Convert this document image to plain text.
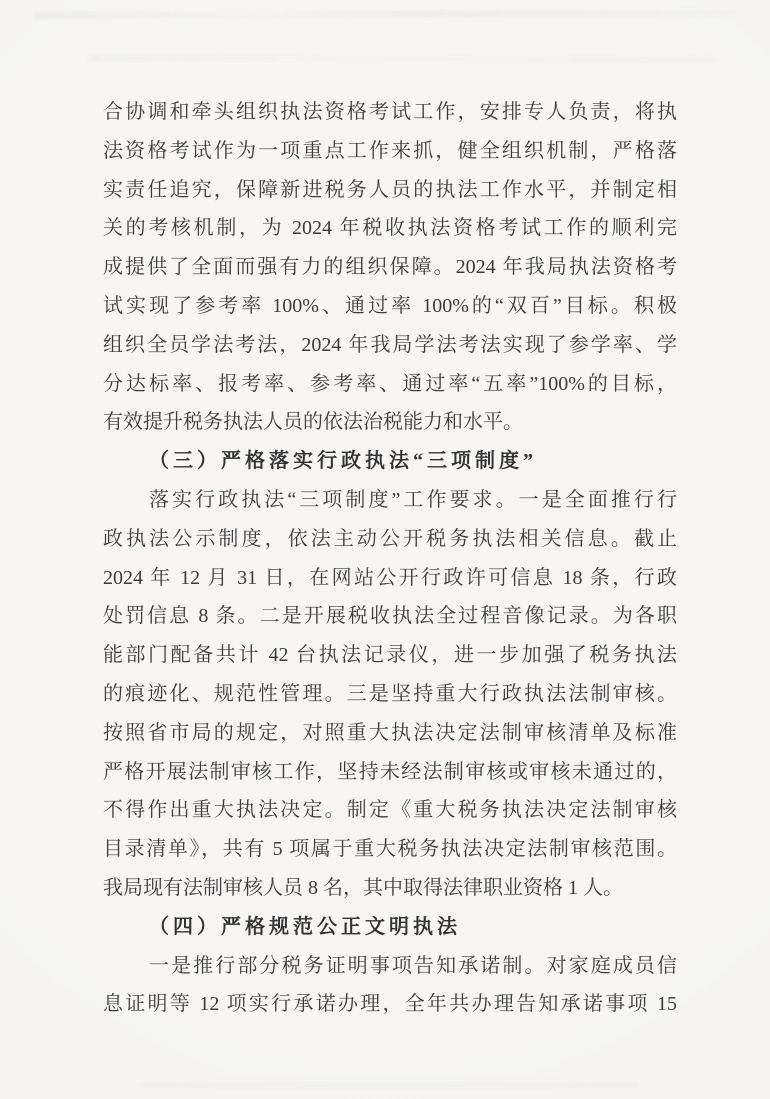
合协调和牵头组织执法资格考试工作，安排专人负责，将执
法资格考试作为一项重点工作来抓，健全组织机制，严格落
实责任追究，保障新进税务人员的执法工作水平，并制定相
关的考核机制，为 2024 年税收执法资格考试工作的顺利完
成提供了全面而强有力的组织保障。2024 年我局执法资格考
试实现了参考率 100%、通过率 100%的“双百”目标。积极
组织全员学法考法，2024 年我局学法考法实现了参学率、学
分达标率、报考率、参考率、通过率“五率”100%的目标，
有效提升税务执法人员的依法治税能力和水平。
（三）严格落实行政执法“三项制度”
落实行政执法“三项制度”工作要求。一是全面推行行
政执法公示制度，依法主动公开税务执法相关信息。截止
2024 年 12 月 31 日，在网站公开行政许可信息 18 条，行政
处罚信息 8 条。二是开展税收执法全过程音像记录。为各职
能部门配备共计 42 台执法记录仪，进一步加强了税务执法
的痕迹化、规范性管理。三是坚持重大行政执法法制审核。
按照省市局的规定，对照重大执法决定法制审核清单及标准
严格开展法制审核工作，坚持未经法制审核或审核未通过的，
不得作出重大执法决定。制定《重大税务执法决定法制审核
目录清单》，共有 5 项属于重大税务执法决定法制审核范围。
我局现有法制审核人员 8 名，其中取得法律职业资格 1 人。
（四）严格规范公正文明执法
一是推行部分税务证明事项告知承诺制。对家庭成员信
息证明等 12 项实行承诺办理，全年共办理告知承诺事项 15
